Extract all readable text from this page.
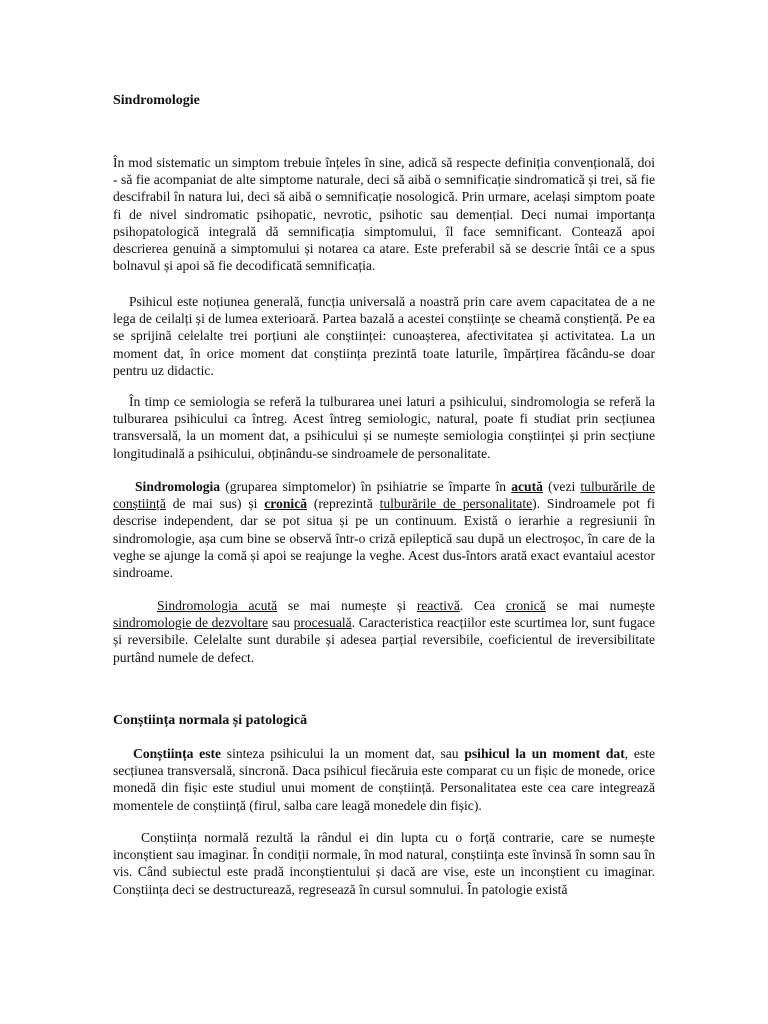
Sindromologie

În mod sistematic un simptom trebuie înțeles în sine, adică să respecte definiția convențională, doi - să fie acompaniat de alte simptome naturale, deci să aibă o semnificație sindromatică și trei, să fie descifrabil în natura lui, deci să aibă o semnificație nosologică. Prin urmare, același simptom poate fi de nivel sindromatic psihopatic, nevrotic, psihotic sau demențial. Deci numai importanța psihopatologică integrală dă semnificația simptomului, îl face semnificant. Contează apoi descrierea genuină a simptomului și notarea ca atare. Este preferabil să se descrie întâi ce a spus bolnavul și apoi să fie decodificată semnificația.

Psihicul este noțiunea generală, funcția universală a noastră prin care avem capacitatea de a ne lega de ceilalți și de lumea exterioară. Partea bazală a acestei conștiințe se cheamă conștiență. Pe ea se sprijină celelalte trei porțiuni ale conștiinței: cunoașterea, afectivitatea și activitatea. La un moment dat, în orice moment dat conștiința prezintă toate laturile, împărțirea făcându-se doar pentru uz didactic.

În timp ce semiologia se referă la tulburarea unei laturi a psihicului, sindromologia se referă la tulburarea psihicului ca întreg. Acest întreg semiologic, natural, poate fi studiat prin secțiunea transversală, la un moment dat, a psihicului și se numește semiologia conștiinței și prin secțiune longitudinală a psihicului, obținându-se sindroamele de personalitate.

Sindromologia (gruparea simptomelor) în psihiatrie se împarte în acută (vezi tulburările de conștiință de mai sus) și cronică (reprezintă tulburările de personalitate). Sindroamele pot fi descrise independent, dar se pot situa și pe un continuum. Există o ierarhie a regresiunii în sindromologie, așa cum bine se observă într-o criză epileptică sau după un electroșoc, în care de la veghe se ajunge la comă și apoi se reajunge la veghe. Acest dus-întors arată exact evantaiul acestor sindroame.

Sindromologia acută se mai numește și reactivă. Cea cronică se mai numește sindromologie de dezvoltare sau procesuală. Caracteristica reacțiilor este scurtimea lor, sunt fugace și reversibile. Celelalte sunt durabile și adesea parțial reversibile, coeficientul de ireversibilitate purtând numele de defect.

Conștiința normala și patologică

Conștiința este sinteza psihicului la un moment dat, sau psihicul la un moment dat, este secțiunea transversală, sincronă. Daca psihicul fiecăruia este comparat cu un fișic de monede, orice monedă din fișic este studiul unui moment de conștiință. Personalitatea este cea care integrează momentele de conștiință (firul, salba care leagă monedele din fișic).

Conștiința normală rezultă la rândul ei din lupta cu o forță contrarie, care se numește inconștient sau imaginar. În condiții normale, în mod natural, conștiința este învinsă în somn sau în vis. Când subiectul este pradă inconștientului și dacă are vise, este un inconștient cu imaginar. Conștiința deci se destructurează, regresează în cursul somnului. În patologie există
